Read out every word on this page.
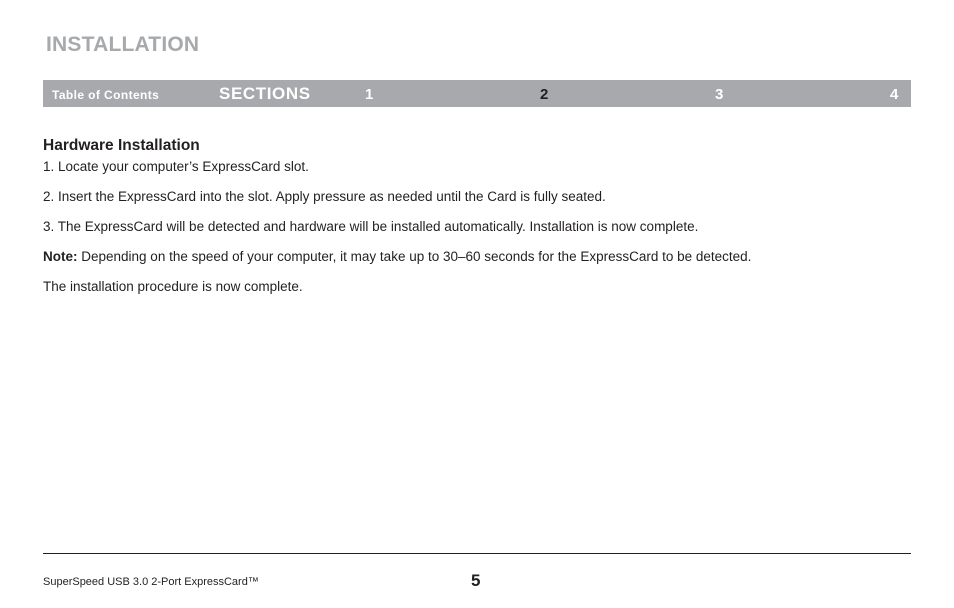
INSTALLATION
Table of Contents	SECTIONS	1	2	3	4
Hardware Installation

1. Locate your computer’s ExpressCard slot.

2. Insert the ExpressCard into the slot. Apply pressure as needed until the Card is fully seated.

3. The ExpressCard will be detected and hardware will be installed automatically. Installation is now complete.

Note: Depending on the speed of your computer, it may take up to 30–60 seconds for the ExpressCard to be detected.

The installation procedure is now complete.

SuperSpeed USB 3.0 2-Port ExpressCard™	5
